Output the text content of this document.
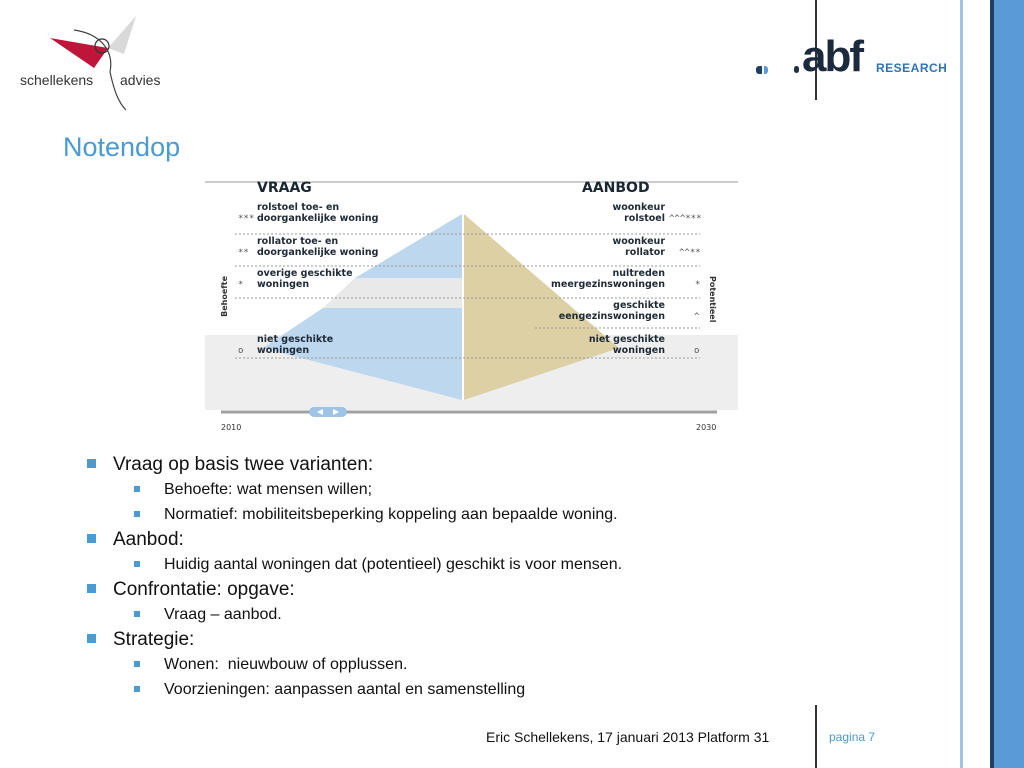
schellekens advies	abf RESEARCH
Notendop
VRAAG	AANBOD
Behoefte	Potentieel
rolstoel toe- en
doorgankelijke woning
rollator toe- en
doorgankelijke woning
overige geschikte
woningen
niet geschikte
woningen
***
**
*
o
woonkeur
rolstoel
woonkeur
rollator
nultreden
meergezinswoningen
geschikte
eengezinswoningen
niet geschikte
woningen
^^^***
^^**
*
^
o
2010	2030
Vraag op basis twee varianten:
Behoefte: wat mensen willen;
Normatief: mobiliteitsbeperking koppeling aan bepaalde woning.
Aanbod:
Huidig aantal woningen dat (potentieel) geschikt is voor mensen.
Confrontatie: opgave:
Vraag – aanbod.
Strategie:
Wonen:  nieuwbouw of opplussen.
Voorzieningen: aanpassen aantal en samenstelling
Eric Schellekens, 17 januari 2013 Platform 31	pagina 7
